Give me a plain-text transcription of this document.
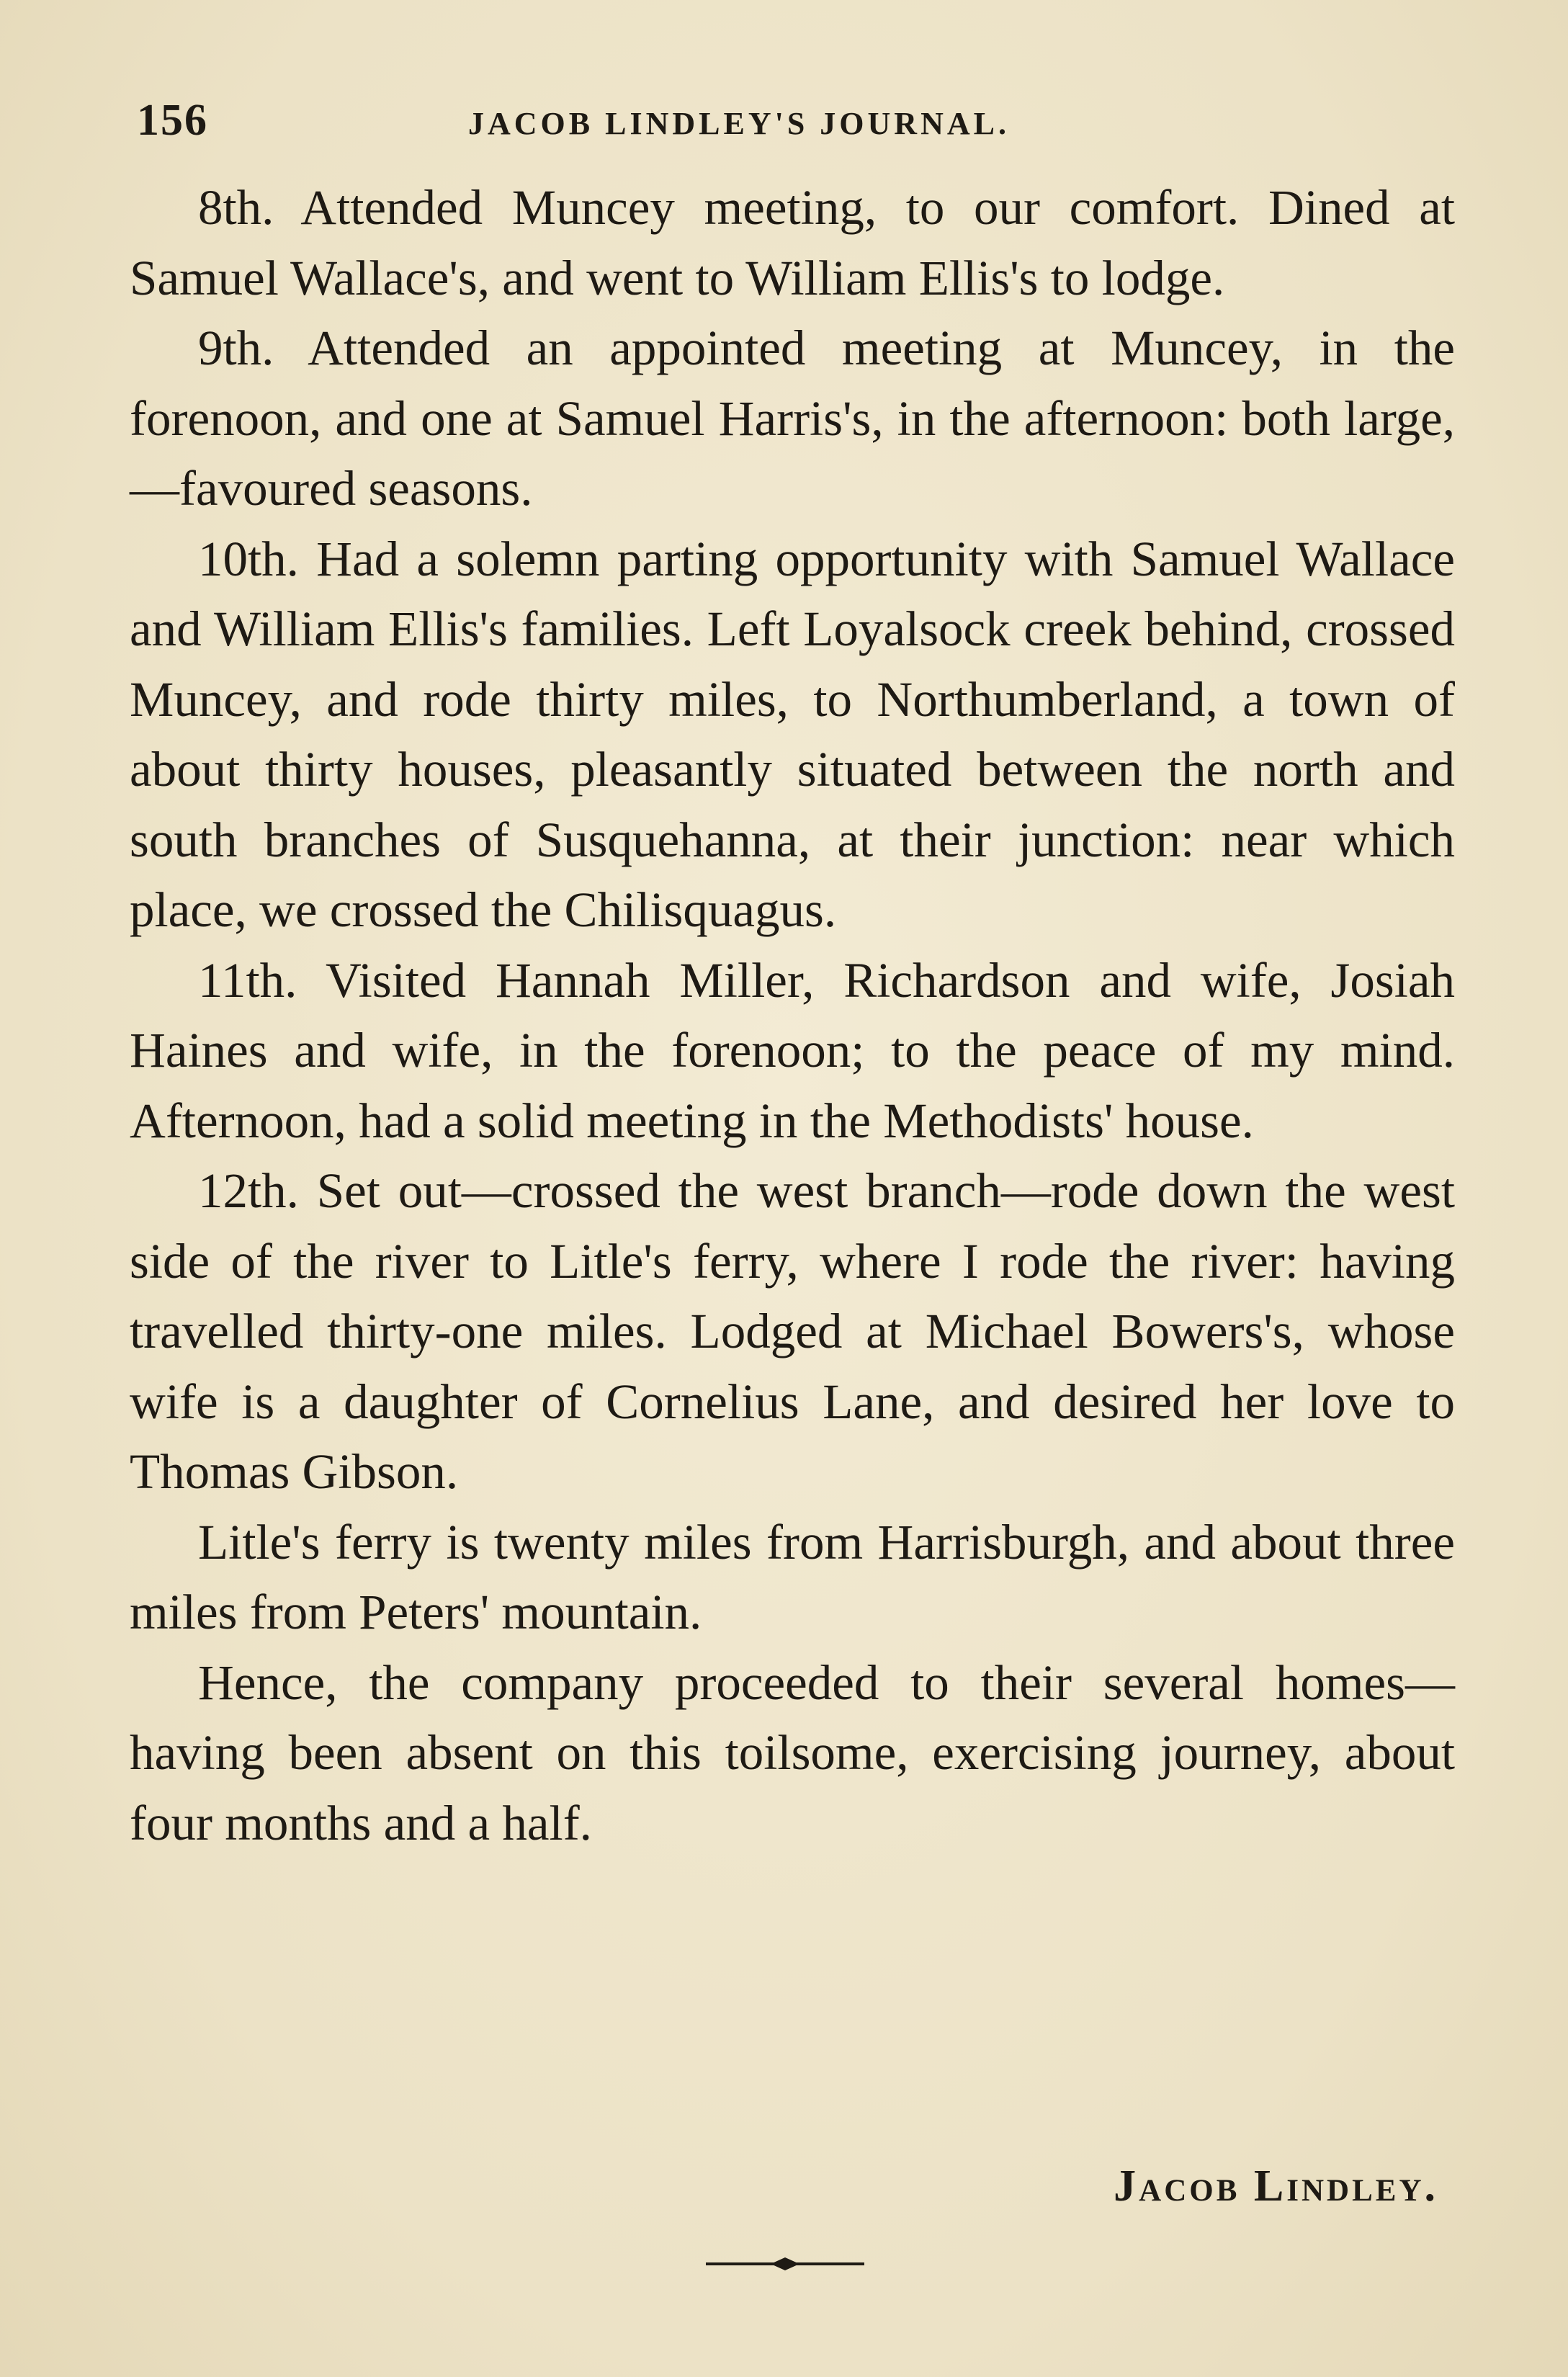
156	JACOB LINDLEY'S JOURNAL.

8th. Attended Muncey meeting, to our comfort. Dined at Samuel Wallace's, and went to William Ellis's to lodge.

9th. Attended an appointed meeting at Muncey, in the forenoon, and one at Samuel Harris's, in the afternoon: both large,—favoured seasons.

10th. Had a solemn parting opportunity with Samuel Wallace and William Ellis's families. Left Loyalsock creek behind, crossed Muncey, and rode thirty miles, to Northumberland, a town of about thirty houses, pleasantly situated between the north and south branches of Susquehanna, at their junction: near which place, we crossed the Chilisquagus.

11th. Visited Hannah Miller, Richardson and wife, Josiah Haines and wife, in the forenoon; to the peace of my mind. Afternoon, had a solid meeting in the Methodists' house.

12th. Set out—crossed the west branch—rode down the west side of the river to Litle's ferry, where I rode the river: having travelled thirty-one miles. Lodged at Michael Bowers's, whose wife is a daughter of Cornelius Lane, and desired her love to Thomas Gibson.

Litle's ferry is twenty miles from Harrisburgh, and about three miles from Peters' mountain.

Hence, the company proceeded to their several homes—having been absent on this toilsome, exercising journey, about four months and a half.

Jacob Lindley.
